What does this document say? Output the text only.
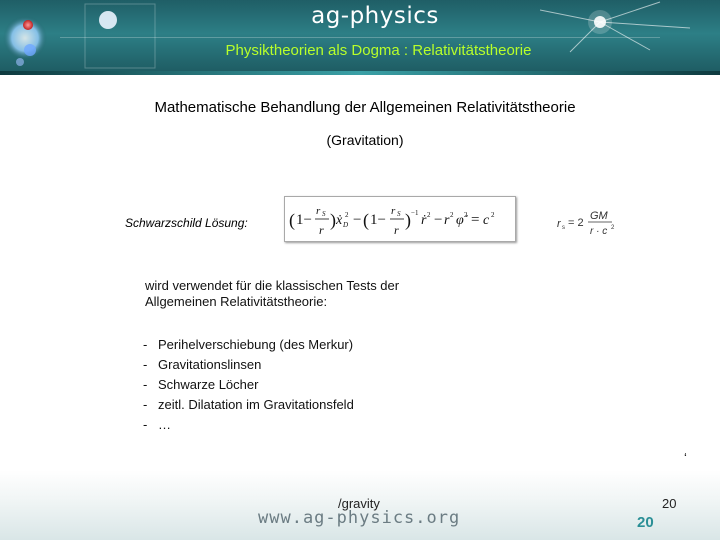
ag-physics
Physiktheorien als Dogma : Relativitätstheorie
Mathematische Behandlung der Allgemeinen Relativitätstheorie
(Gravitation)
Schwarzschild Lösung: ( 1−
r S
r ) ẋ D
2 − ( 1−
r S
r ) −1 ṙ 2 − r 2 φ̇ 2 = c 2
r s = 2
GM
r · c 2
wird verwendet für die klassischen Tests der Allgemeinen Relativitätstheorie:
- Perihelverschiebung (des Merkur)
- Gravitationslinsen
- Schwarze Löcher
- zeitl. Dilatation im Gravitationsfeld
- …
‘
www.ag-physics.org
/gravity	20
20
